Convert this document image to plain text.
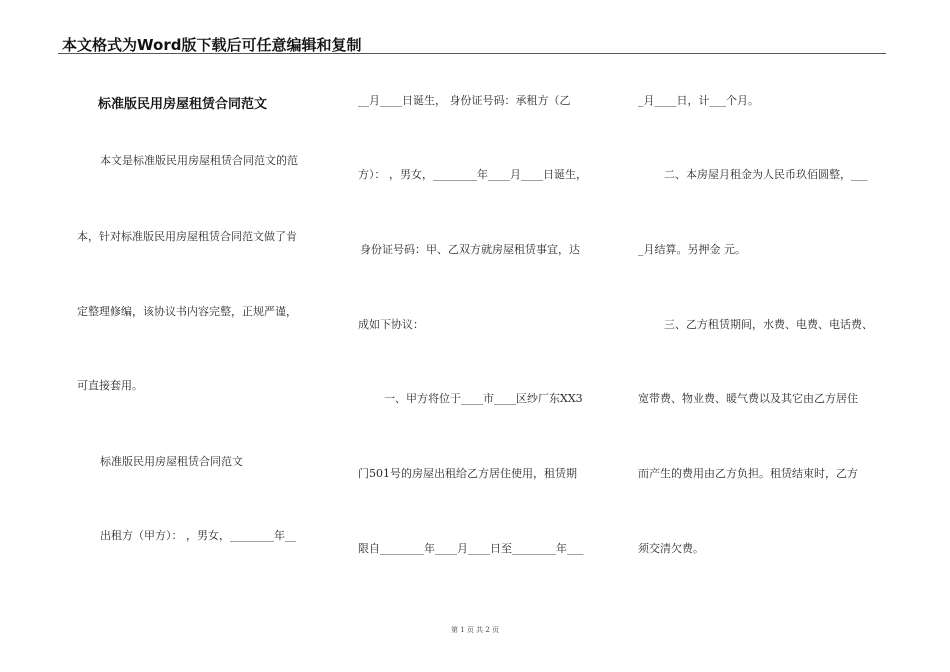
本文格式为Word版下载后可任意编辑和复制
标准版民用房屋租赁合同范文
本文是标准版民用房屋租赁合同范文的范
本，针对标准版民用房屋租赁合同范文做了肯
定整理修编，该协议书内容完整，正规严谨，
可直接套用。
标准版民用房屋租赁合同范文
出租方（甲方）： ，男女，________年__
__月____日诞生， 身份证号码：承租方（乙
方）： ，男女，________年____月____日诞生，
身份证号码：甲、乙双方就房屋租赁事宜，达
成如下协议：
一、甲方将位于____市____区纱厂东XX3
门501号的房屋出租给乙方居住使用，租赁期
限自________年____月____日至________年___
_月____日，计___个月。
二、本房屋月租金为人民币玖佰圆整，___
_月结算。另押金 元。
三、乙方租赁期间，水费、电费、电话费、
宽带费、物业费、暖气费以及其它由乙方居住
而产生的费用由乙方负担。租赁结束时，乙方
须交清欠费。
第 1 页 共 2 页
